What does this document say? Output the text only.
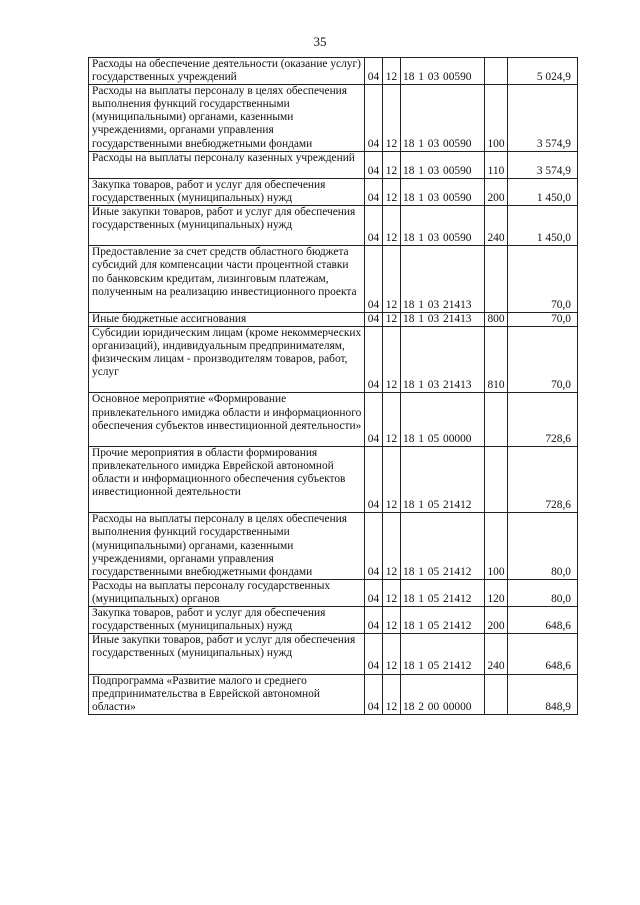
35
Расходы на обеспечение деятельности (оказание услуг) государственных учреждений	04	12	18 1 03 00590		5 024,9
Расходы на выплаты персоналу в целях обеспечения выполнения функций государственными (муниципальными) органами, казенными учреждениями, органами управления государственными внебюджетными фондами	04	12	18 1 03 00590	100	3 574,9
Расходы на выплаты персоналу казенных учреждений	04	12	18 1 03 00590	110	3 574,9
Закупка товаров, работ и услуг для обеспечения государственных (муниципальных) нужд	04	12	18 1 03 00590	200	1 450,0
Иные закупки товаров, работ и услуг для обеспечения государственных (муниципальных) нужд	04	12	18 1 03 00590	240	1 450,0
Предоставление за счет средств областного бюджета субсидий для компенсации части процентной ставки по банковским кредитам, лизинговым платежам, полученным на реализацию инвестиционного проекта	04	12	18 1 03 21413		70,0
Иные бюджетные ассигнования	04	12	18 1 03 21413	800	70,0
Субсидии юридическим лицам (кроме некоммерческих организаций), индивидуальным предпринимателям, физическим лицам - производителям товаров, работ, услуг	04	12	18 1 03 21413	810	70,0
Основное мероприятие «Формирование привлекательного имиджа области и информационного обеспечения субъектов инвестиционной деятельности»	04	12	18 1 05 00000		728,6
Прочие мероприятия в области формирования привлекательного имиджа Еврейской автономной области и информационного обеспечения субъектов инвестиционной деятельности	04	12	18 1 05 21412		728,6
Расходы на выплаты персоналу в целях обеспечения выполнения функций государственными (муниципальными) органами, казенными учреждениями, органами управления государственными внебюджетными фондами	04	12	18 1 05 21412	100	80,0
Расходы на выплаты персоналу государственных (муниципальных) органов	04	12	18 1 05 21412	120	80,0
Закупка товаров, работ и услуг для обеспечения государственных (муниципальных) нужд	04	12	18 1 05 21412	200	648,6
Иные закупки товаров, работ и услуг для обеспечения государственных (муниципальных) нужд	04	12	18 1 05 21412	240	648,6
Подпрограмма «Развитие малого и среднего предпринимательства в Еврейской автономной области»	04	12	18 2 00 00000		848,9
